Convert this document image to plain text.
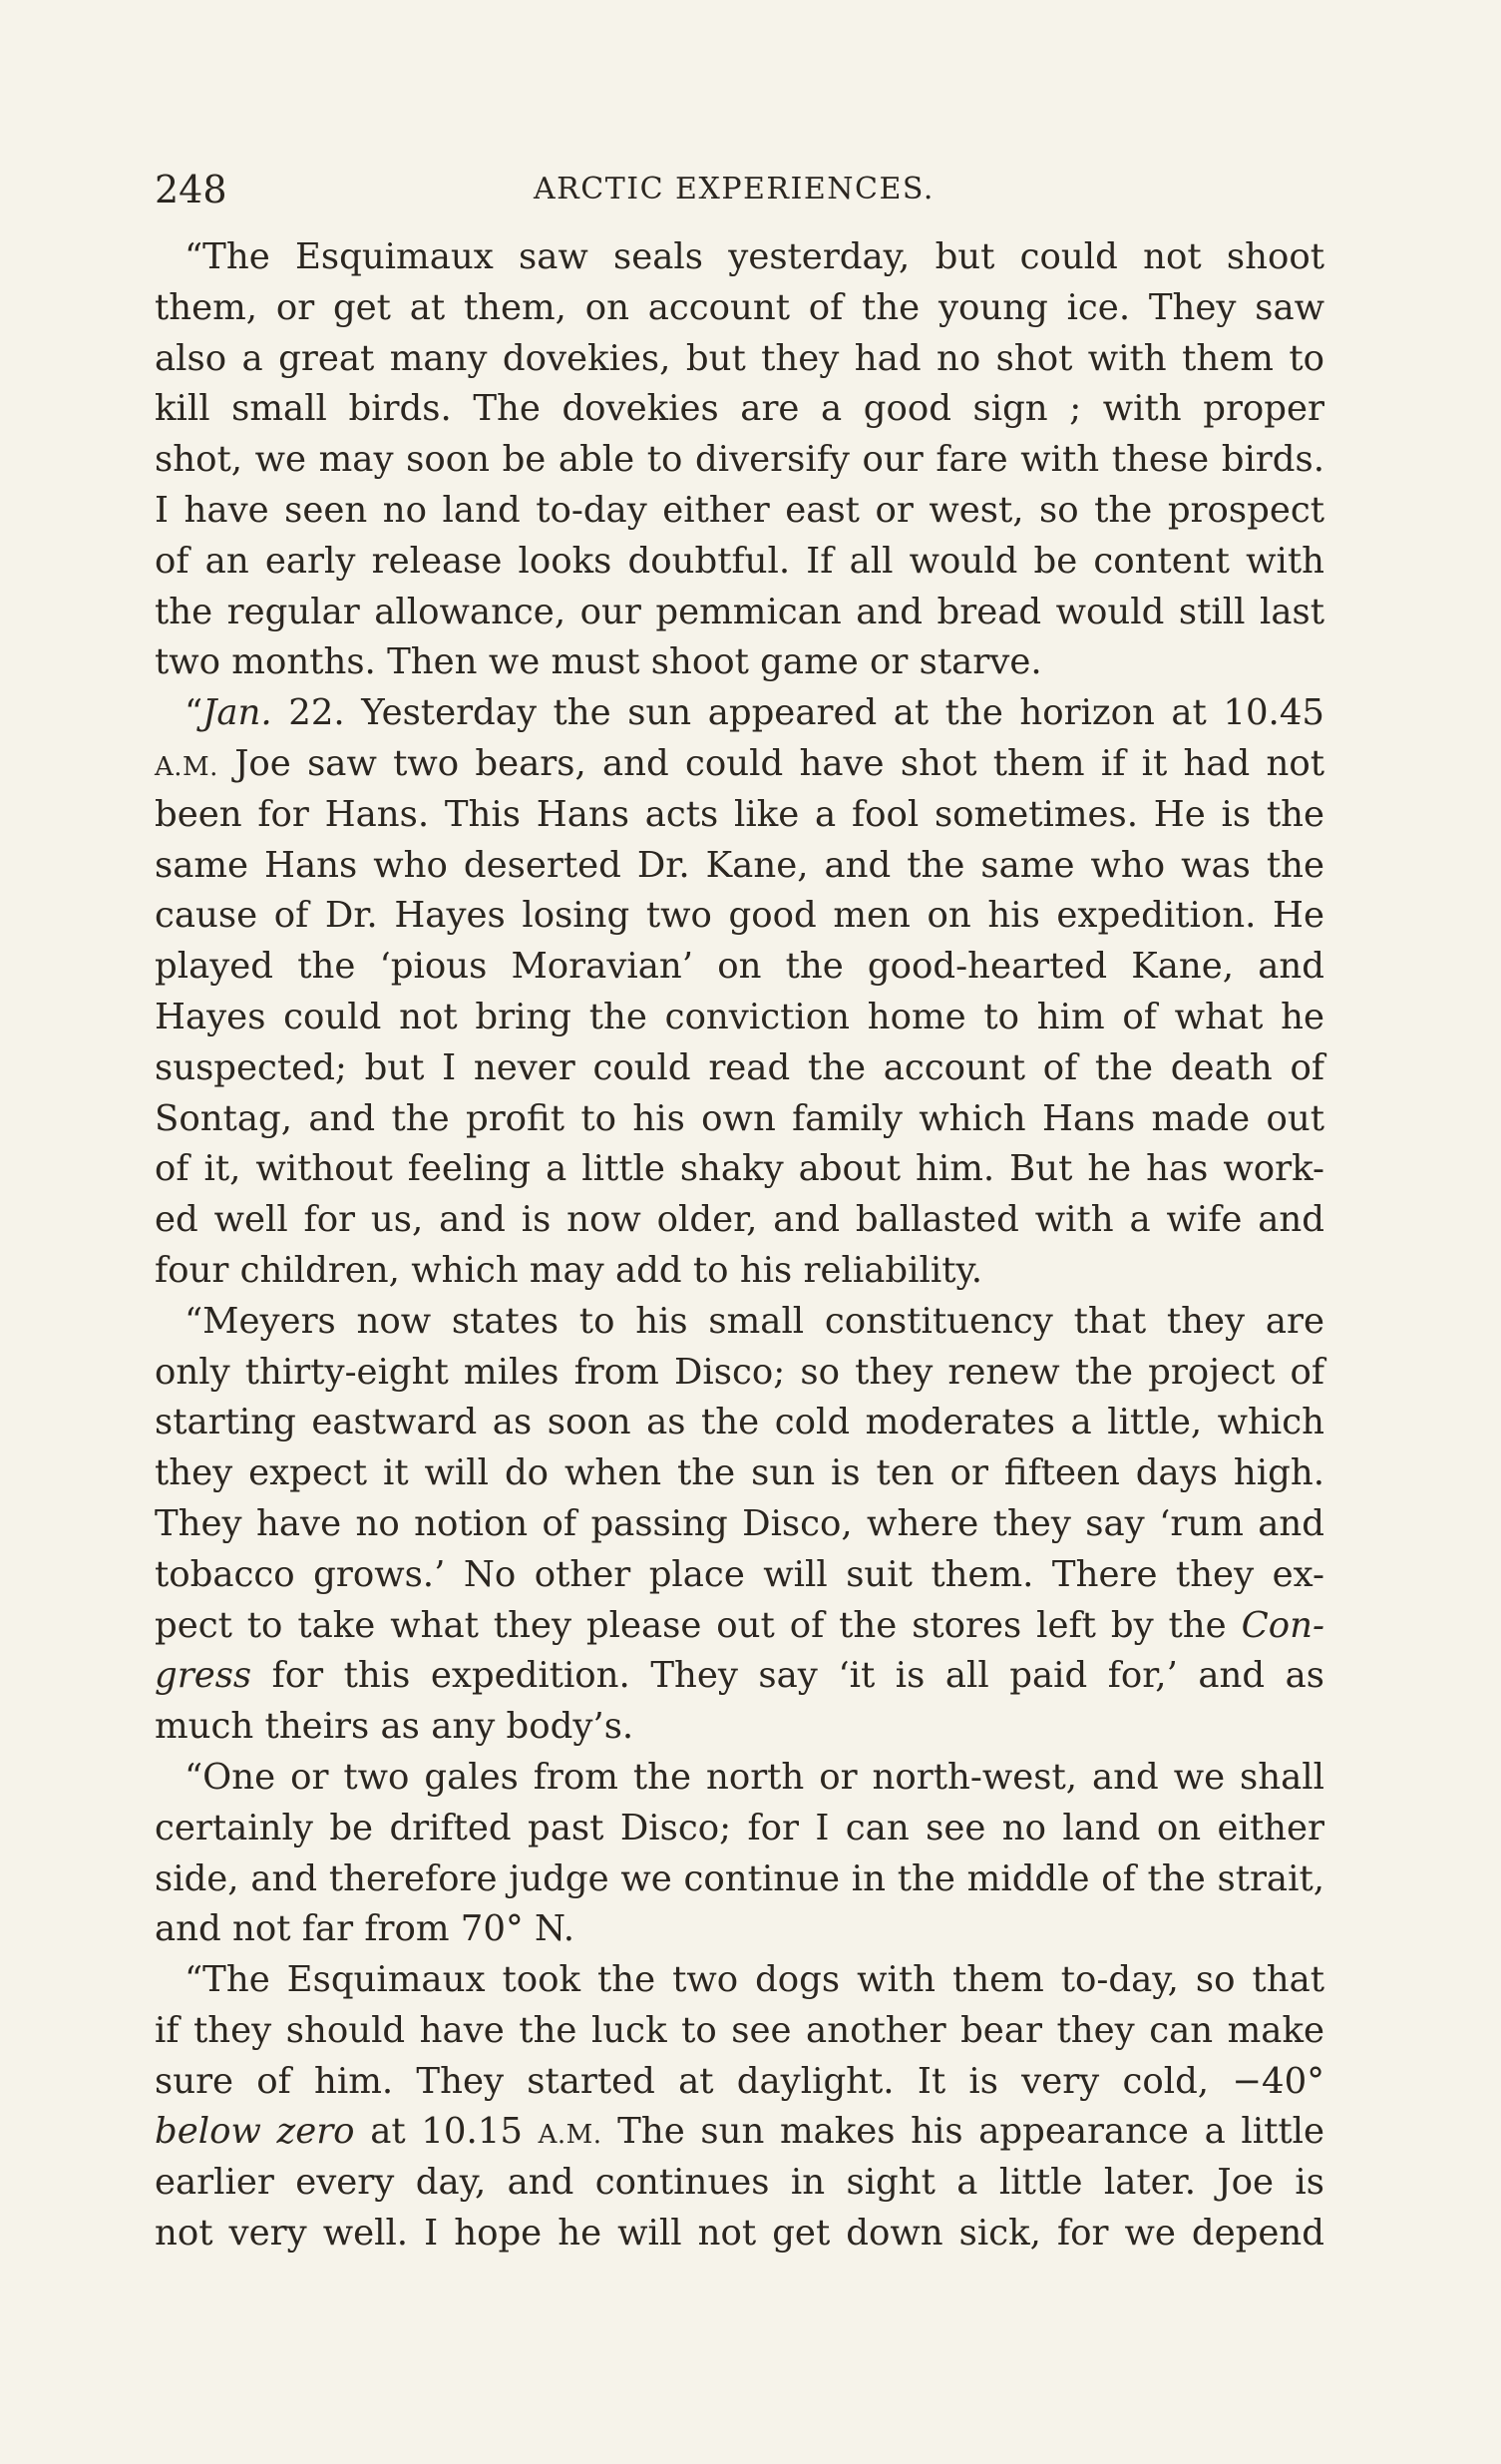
248	ARCTIC EXPERIENCES.
“The Esquimaux saw seals yesterday, but could not shoot
them, or get at them, on account of the young ice. They saw
also a great many dovekies, but they had no shot with them to
kill small birds. The dovekies are a good sign ; with proper
shot, we may soon be able to diversify our fare with these birds.
I have seen no land to-day either east or west, so the prospect
of an early release looks doubtful. If all would be content with
the regular allowance, our pemmican and bread would still last
two months. Then we must shoot game or starve.
“Jan. 22. Yesterday the sun appeared at the horizon at 10.45
A.M. Joe saw two bears, and could have shot them if it had not
been for Hans. This Hans acts like a fool sometimes. He is the
same Hans who deserted Dr. Kane, and the same who was the
cause of Dr. Hayes losing two good men on his expedition. He
played the ‘pious Moravian’ on the good-hearted Kane, and
Hayes could not bring the conviction home to him of what he
suspected; but I never could read the account of the death of
Sontag, and the profit to his own family which Hans made out
of it, without feeling a little shaky about him. But he has work-
ed well for us, and is now older, and ballasted with a wife and
four children, which may add to his reliability.
“Meyers now states to his small constituency that they are
only thirty-eight miles from Disco; so they renew the project of
starting eastward as soon as the cold moderates a little, which
they expect it will do when the sun is ten or fifteen days high.
They have no notion of passing Disco, where they say ‘rum and
tobacco grows.’ No other place will suit them. There they ex-
pect to take what they please out of the stores left by the Con-
gress for this expedition. They say ‘it is all paid for,’ and as
much theirs as any body’s.
“One or two gales from the north or north-west, and we shall
certainly be drifted past Disco; for I can see no land on either
side, and therefore judge we continue in the middle of the strait,
and not far from 70° N.
“The Esquimaux took the two dogs with them to-day, so that
if they should have the luck to see another bear they can make
sure of him. They started at daylight. It is very cold, −40°
below zero at 10.15 A.M. The sun makes his appearance a little
earlier every day, and continues in sight a little later. Joe is
not very well. I hope he will not get down sick, for we depend
